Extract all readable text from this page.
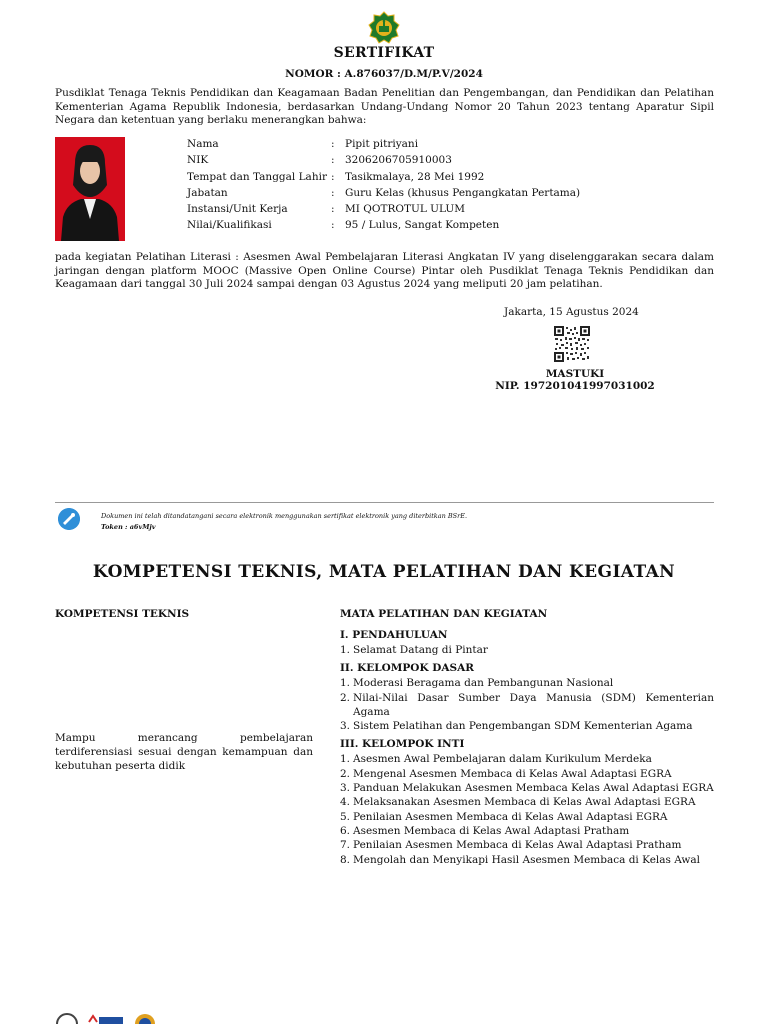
SERTIFIKAT
NOMOR : A.876037/D.M/P.V/2024
Pusdiklat Tenaga Teknis Pendidikan dan Keagamaan Badan Penelitian dan Pengembangan, dan Pendidikan dan Pelatihan Kementerian Agama Republik Indonesia, berdasarkan Undang-Undang Nomor 20 Tahun 2023 tentang Aparatur Sipil Negara dan ketentuan yang berlaku menerangkan bahwa:
Nama	: Pipit pitriyani
NIK	: 3206206705910003
Tempat dan Tanggal Lahir : Tasikmalaya, 28 Mei 1992
Jabatan	: Guru Kelas (khusus Pengangkatan Pertama)
Instansi/Unit Kerja	: MI QOTROTUL ULUM
Nilai/Kualifikasi	: 95 / Lulus, Sangat Kompeten
pada kegiatan Pelatihan Literasi : Asesmen Awal Pembelajaran Literasi Angkatan IV yang diselenggarakan secara dalam jaringan dengan platform MOOC (Massive Open Online Course) Pintar oleh Pusdiklat Tenaga Teknis Pendidikan dan Keagamaan dari tanggal 30 Juli 2024 sampai dengan 03 Agustus 2024 yang meliputi 20 jam pelatihan.
Jakarta, 15 Agustus 2024
MASTUKI
NIP. 197201041997031002
Dokumen ini telah ditandatangani secara elektronik menggunakan sertifikat elektronik yang diterbitkan BSrE.
Token : a6vMjv
KOMPETENSI TEKNIS, MATA PELATIHAN DAN KEGIATAN
KOMPETENSI TEKNIS	MATA PELATIHAN DAN KEGIATAN
Mampu merancang pembelajaran terdiferensiasi sesuai dengan kemampuan dan kebutuhan peserta didik
I. PENDAHULUAN
1. Selamat Datang di Pintar
II. KELOMPOK DASAR
1. Moderasi Beragama dan Pembangunan Nasional
2. Nilai-Nilai Dasar Sumber Daya Manusia (SDM) Kementerian Agama
3. Sistem Pelatihan dan Pengembangan SDM Kementerian Agama
III. KELOMPOK INTI
1. Asesmen Awal Pembelajaran dalam Kurikulum Merdeka
2. Mengenal Asesmen Membaca di Kelas Awal Adaptasi EGRA
3. Panduan Melakukan Asesmen Membaca Kelas Awal Adaptasi EGRA
4. Melaksanakan Asesmen Membaca di Kelas Awal Adaptasi EGRA
5. Penilaian Asesmen Membaca di Kelas Awal Adaptasi EGRA
6. Asesmen Membaca di Kelas Awal Adaptasi Pratham
7. Penilaian Asesmen Membaca di Kelas Awal Adaptasi Pratham
8. Mengolah dan Menyikapi Hasil Asesmen Membaca di Kelas Awal
